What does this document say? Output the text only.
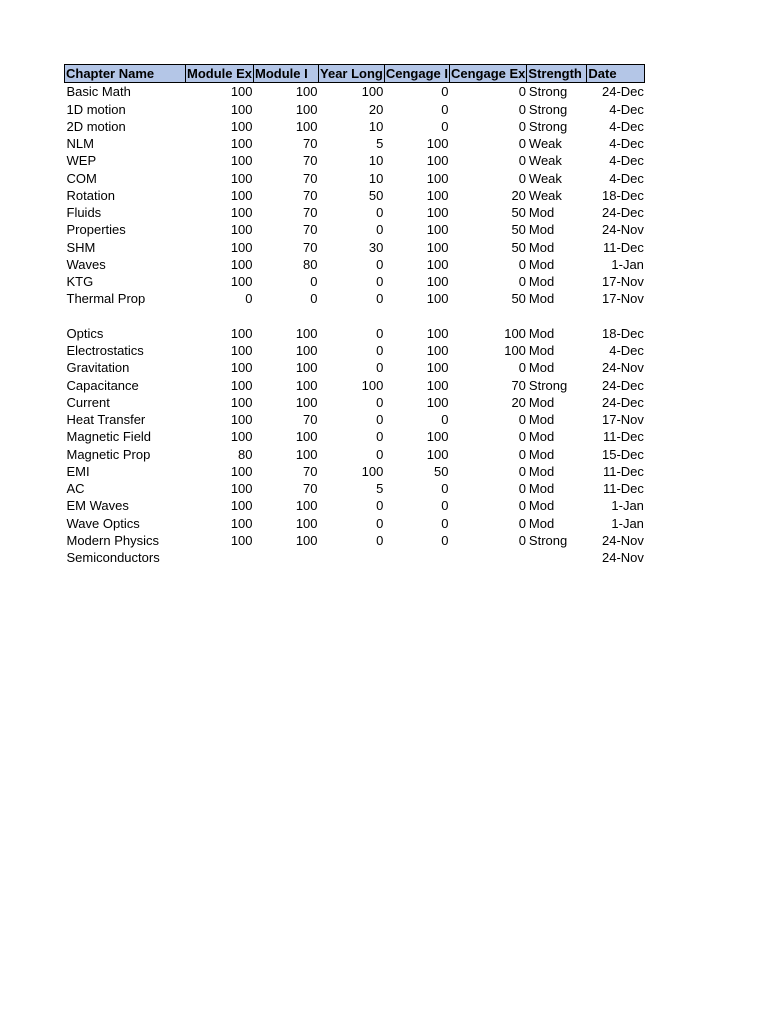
Chapter Name	Module Ex	Module I	Year Long	Cengage I	Cengage Ex	Strength	Date
Basic Math	100	100	100	0	0	Strong	24-Dec
1D motion	100	100	20	0	0	Strong	4-Dec
2D motion	100	100	10	0	0	Strong	4-Dec
NLM	100	70	5	100	0	Weak	4-Dec
WEP	100	70	10	100	0	Weak	4-Dec
COM	100	70	10	100	0	Weak	4-Dec
Rotation	100	70	50	100	20	Weak	18-Dec
Fluids	100	70	0	100	50	Mod	24-Dec
Properties	100	70	0	100	50	Mod	24-Nov
SHM	100	70	30	100	50	Mod	11-Dec
Waves	100	80	0	100	0	Mod	1-Jan
KTG	100	0	0	100	0	Mod	17-Nov
Thermal Prop	0	0	0	100	50	Mod	17-Nov

Optics	100	100	0	100	100	Mod	18-Dec
Electrostatics	100	100	0	100	100	Mod	4-Dec
Gravitation	100	100	0	100	0	Mod	24-Nov
Capacitance	100	100	100	100	70	Strong	24-Dec
Current	100	100	0	100	20	Mod	24-Dec
Heat Transfer	100	70	0	0	0	Mod	17-Nov
Magnetic Field	100	100	0	100	0	Mod	11-Dec
Magnetic Prop	80	100	0	100	0	Mod	15-Dec
EMI	100	70	100	50	0	Mod	11-Dec
AC	100	70	5	0	0	Mod	11-Dec
EM Waves	100	100	0	0	0	Mod	1-Jan
Wave Optics	100	100	0	0	0	Mod	1-Jan
Modern Physics	100	100	0	0	0	Strong	24-Nov
Semiconductors							24-Nov
